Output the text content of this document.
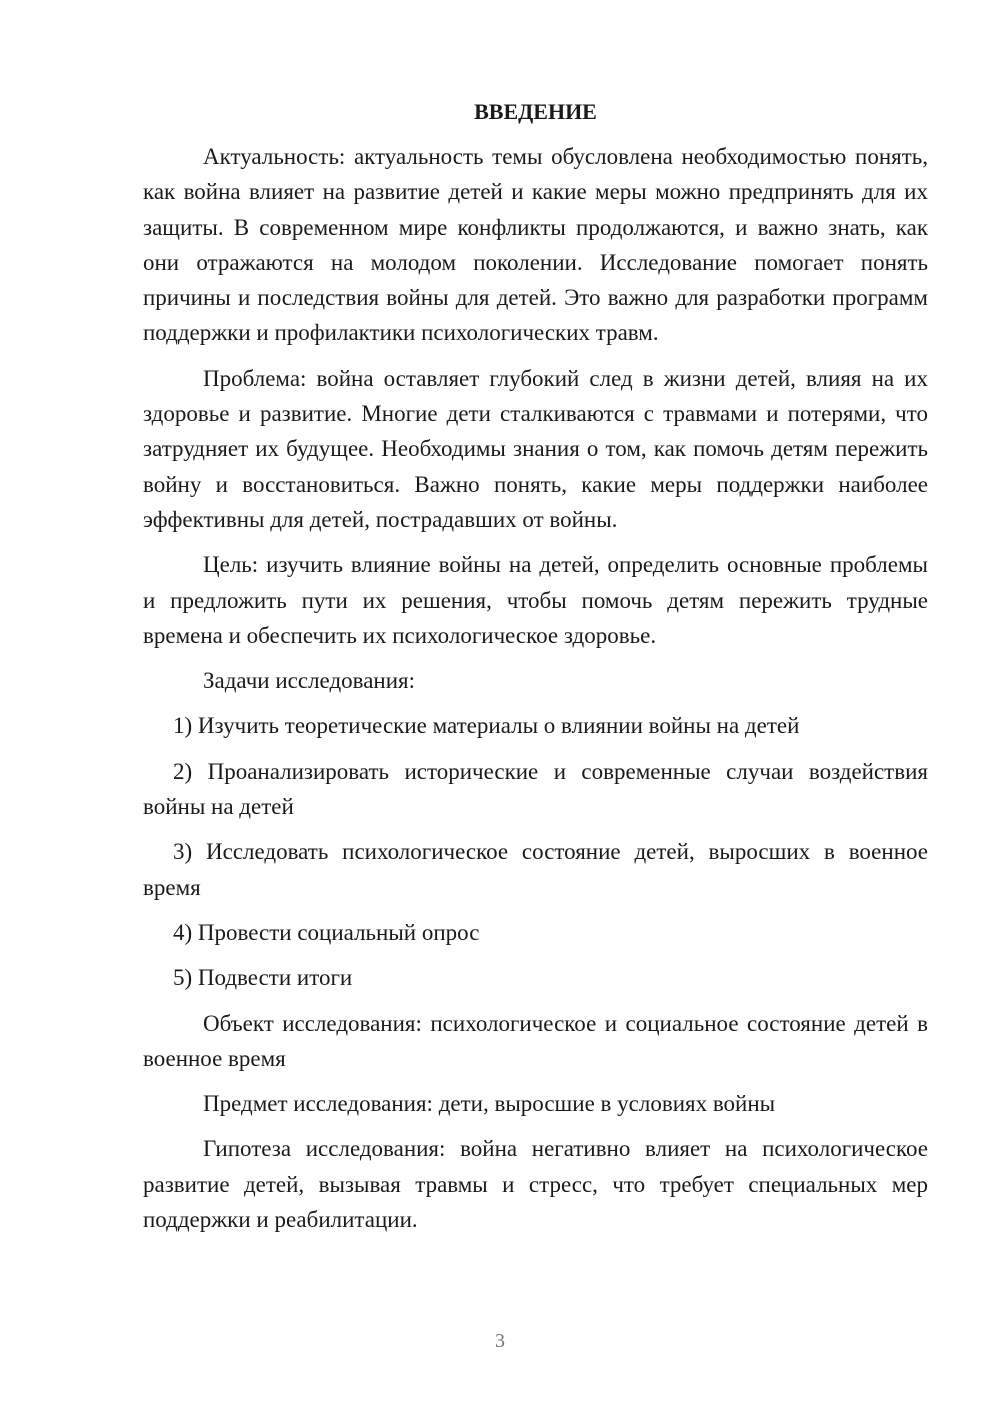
ВВЕДЕНИЕ

Актуальность: актуальность темы обусловлена необходимостью понять, как война влияет на развитие детей и какие меры можно предпринять для их защиты. В современном мире конфликты продолжаются, и важно знать, как они отражаются на молодом поколении. Исследование помогает понять причины и последствия войны для детей. Это важно для разработки программ поддержки и профилактики психологических травм.

Проблема: война оставляет глубокий след в жизни детей, влияя на их здоровье и развитие. Многие дети сталкиваются с травмами и потерями, что затрудняет их будущее. Необходимы знания о том, как помочь детям пережить войну и восстановиться. Важно понять, какие меры поддержки наиболее эффективны для детей, пострадавших от войны.

Цель: изучить влияние войны на детей, определить основные проблемы и предложить пути их решения, чтобы помочь детям пережить трудные времена и обеспечить их психологическое здоровье.

Задачи исследования:

1) Изучить теоретические материалы о влиянии войны на детей

2) Проанализировать исторические и современные случаи воздействия войны на детей

3) Исследовать психологическое состояние детей, выросших в военное время

4) Провести социальный опрос

5) Подвести итоги

Объект исследования: психологическое и социальное состояние детей в военное время

Предмет исследования: дети, выросшие в условиях войны

Гипотеза исследования: война негативно влияет на психологическое развитие детей, вызывая травмы и стресс, что требует специальных мер поддержки и реабилитации.

3
